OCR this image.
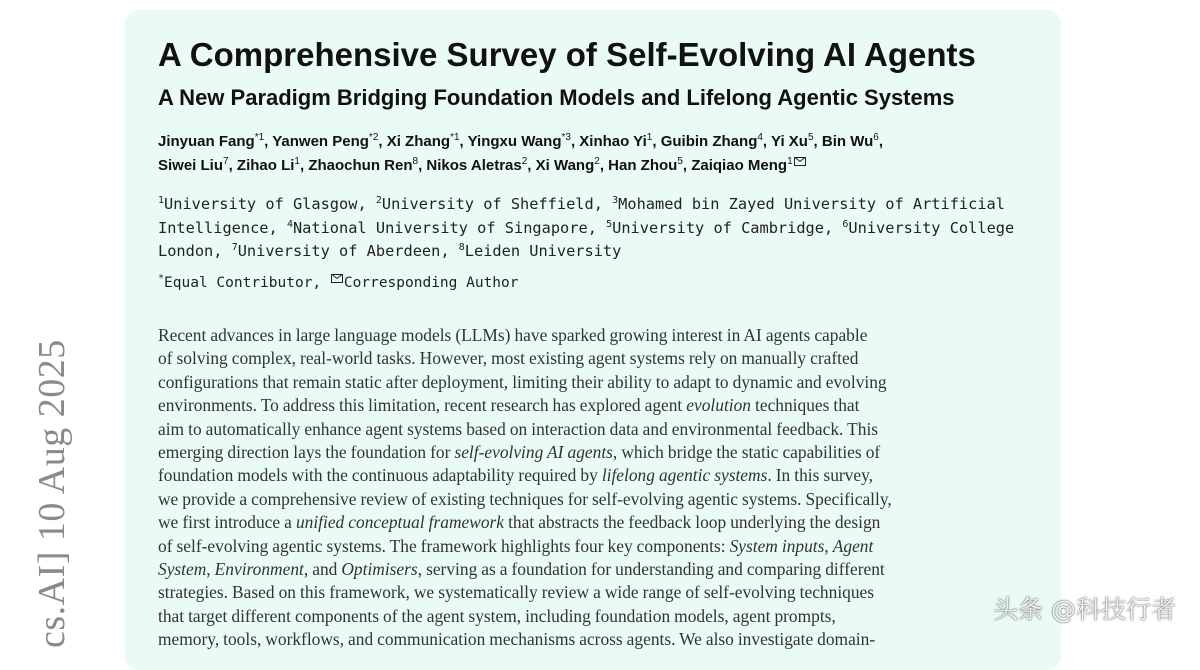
cs.AI] 10 Aug 2025
A Comprehensive Survey of Self-Evolving AI Agents
A New Paradigm Bridging Foundation Models and Lifelong Agentic Systems
Jinyuan Fang$^{*1}$, Yanwen Peng$^{*2}$, Xi Zhang$^{*1}$, Yingxu Wang$^{*3}$, Xinhao Yi$^1$, Guibin Zhang$^4$, Yi Xu$^5$, Bin Wu$^6$,
Siwei Liu$^7$, Zihao Li$^1$, Zhaochun Ren$^8$, Nikos Aletras$^2$, Xi Wang$^2$, Han Zhou$^5$, Zaiqiao Meng$^1$
$^1$University of Glasgow, $^2$University of Sheffield, $^3$Mohamed bin Zayed University of Artificial Intelligence, $^4$National University of Singapore, $^5$University of Cambridge, $^6$University College London, $^7$University of Aberdeen, $^8$Leiden University
*Equal Contributor, Corresponding Author
Recent advances in large language models (LLMs) have sparked growing interest in AI agents capable
of solving complex, real-world tasks. However, most existing agent systems rely on manually crafted
configurations that remain static after deployment, limiting their ability to adapt to dynamic and evolving
environments. To address this limitation, recent research has explored agent evolution techniques that
aim to automatically enhance agent systems based on interaction data and environmental feedback. This
emerging direction lays the foundation for self-evolving AI agents, which bridge the static capabilities of
foundation models with the continuous adaptability required by lifelong agentic systems. In this survey,
we provide a comprehensive review of existing techniques for self-evolving agentic systems. Specifically,
we first introduce a unified conceptual framework that abstracts the feedback loop underlying the design
of self-evolving agentic systems. The framework highlights four key components: System inputs, Agent
System, Environment, and Optimisers, serving as a foundation for understanding and comparing different
strategies. Based on this framework, we systematically review a wide range of self-evolving techniques
that target different components of the agent system, including foundation models, agent prompts,
memory, tools, workflows, and communication mechanisms across agents. We also investigate domain-
头条 @科技行者
